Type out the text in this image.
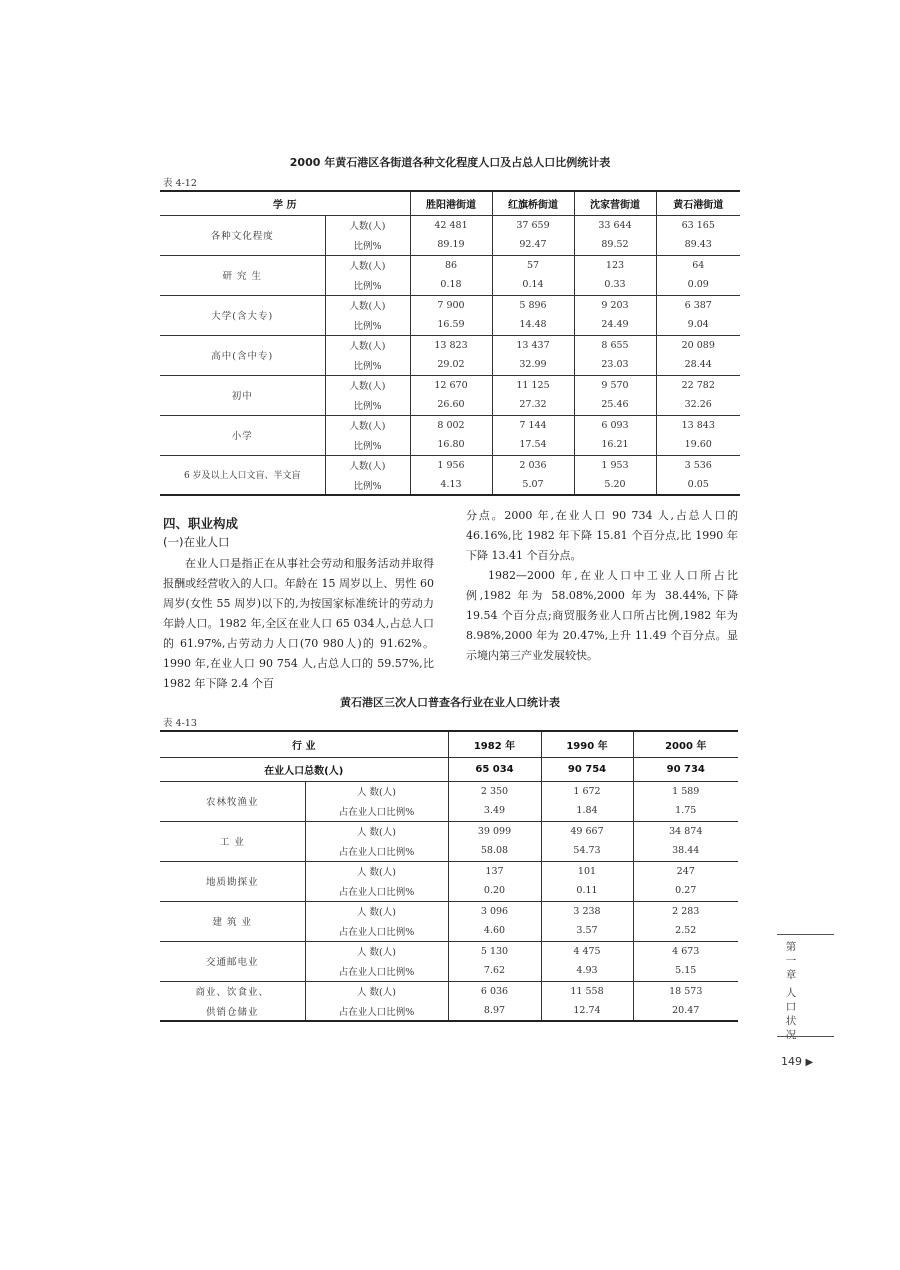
2000 年黄石港区各街道各种文化程度人口及占总人口比例统计表
表 4-12
学 历		胜阳港街道	红旗桥街道	沈家营街道	黄石港街道
各种文化程度	人数(人)	42 481	37 659	33 644	63 165
	比例%	89.19	92.47	89.52	89.43
研 究 生	人数(人)	86	57	123	64
	比例%	0.18	0.14	0.33	0.09
大学(含大专)	人数(人)	7 900	5 896	9 203	6 387
	比例%	16.59	14.48	24.49	9.04
高中(含中专)	人数(人)	13 823	13 437	8 655	20 089
	比例%	29.02	32.99	23.03	28.44
初中	人数(人)	12 670	11 125	9 570	22 782
	比例%	26.60	27.32	25.46	32.26
小学	人数(人)	8 002	7 144	6 093	13 843
	比例%	16.80	17.54	16.21	19.60
6 岁及以上人口文盲、半文盲	人数(人)	1 956	2 036	1 953	3 536
	比例%	4.13	5.07	5.20	0.05
四、职业构成
(一)在业人口

在业人口是指正在从事社会劳动和服务活动并取得报酬或经营收入的人口。年龄在 15 周岁以上、男性 60 周岁(女性 55 周岁)以下的,为按国家标准统计的劳动力年龄人口。1982 年,全区在业人口 65 034人,占总人口的 61.97%,占劳动力人口(70 980人)的 91.62%。1990 年,在业人口 90 754 人,占总人口的 59.57%,比 1982 年下降 2.4 个百

分点。2000 年,在业人口 90 734 人,占总人口的 46.16%,比 1982 年下降 15.81 个百分点,比 1990 年下降 13.41 个百分点。

1982—2000 年,在业人口中工业人口所占比例,1982 年为 58.08%,2000 年为 38.44%,下降 19.54 个百分点;商贸服务业人口所占比例,1982 年为 8.98%,2000 年为 20.47%,上升 11.49 个百分点。显示境内第三产业发展较快。

黄石港区三次人口普查各行业在业人口统计表
表 4-13
行 业		1982 年	1990 年	2000 年
在业人口总数(人)		65 034	90 754	90 734
农林牧渔业	人 数(人)	2 350	1 672	1 589
	占在业人口比例%	3.49	1.84	1.75
工 业	人 数(人)	39 099	49 667	34 874
	占在业人口比例%	58.08	54.73	38.44
地质勘探业	人 数(人)	137	101	247
	占在业人口比例%	0.20	0.11	0.27
建 筑 业	人 数(人)	3 096	3 238	2 283
	占在业人口比例%	4.60	3.57	2.52
交通邮电业	人 数(人)	5 130	4 475	4 673
	占在业人口比例%	7.62	4.93	5.15
商业、饮食业、	人 数(人)	6 036	11 558	18 573
供销仓储业	占在业人口比例%	8.97	12.74	20.47
第一章
人口状况
149 ▶
